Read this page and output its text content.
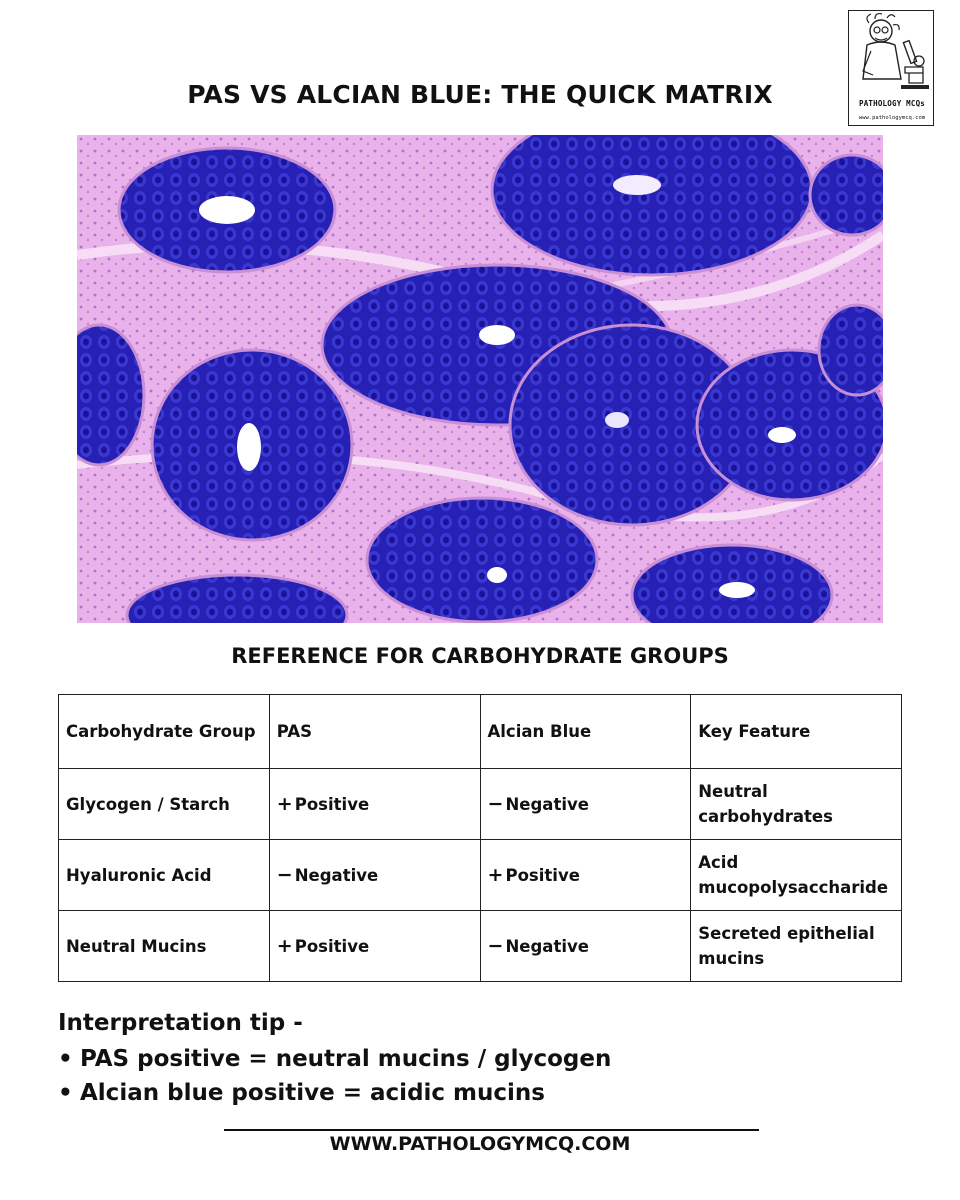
PATHOLOGY MCQs
www.pathologymcq.com
PAS VS ALCIAN BLUE: THE QUICK MATRIX
REFERENCE FOR CARBOHYDRATE GROUPS
Carbohydrate Group	PAS	Alcian Blue	Key Feature
Glycogen / Starch	+ Positive	− Negative	Neutral carbohydrates
Hyaluronic Acid	− Negative	+ Positive	Acid mucopolysaccharide
Neutral Mucins	+ Positive	− Negative	Secreted epithelial mucins
Interpretation tip -
• PAS positive = neutral mucins / glycogen
• Alcian blue positive = acidic mucins
WWW.PATHOLOGYMCQ.COM
